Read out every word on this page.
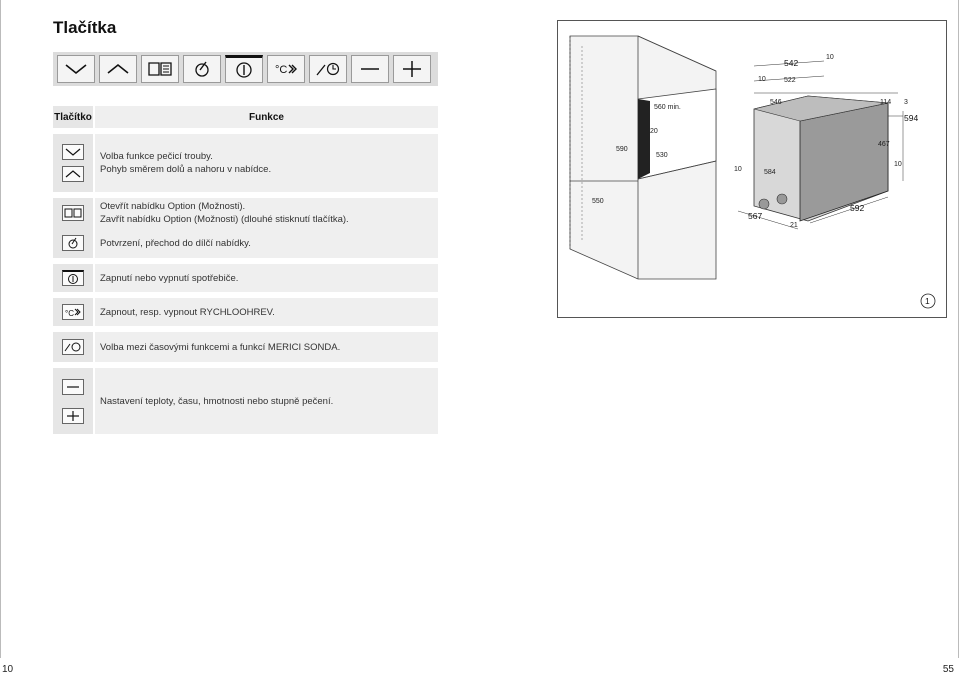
Tlačítka
°C
Tlačítko	Funkce

Volba funkce pečicí trouby.
Pohyb směrem dolů a nahoru v nabídce.

Otevřít nabídku Option (Možnosti).
Zavřít nabídku Option (Možnosti) (dlouhé stisknutí tlačítka).

Potvrzení, přechod do dílčí nabídky.

Zapnutí nebo vypnutí spotřebiče.

°C	Zapnout, resp. vypnout RYCHLOOHREV.

Volba mezi časovými funkcemi a funkcí MERICI SONDA.

Nastavení teploty, času, hmotnosti nebo stupně pečení.
560 min.
590
530
550
20
542
10
522
10
546	114 3
594
467
10
584
10
567
21
592
1
10	55
